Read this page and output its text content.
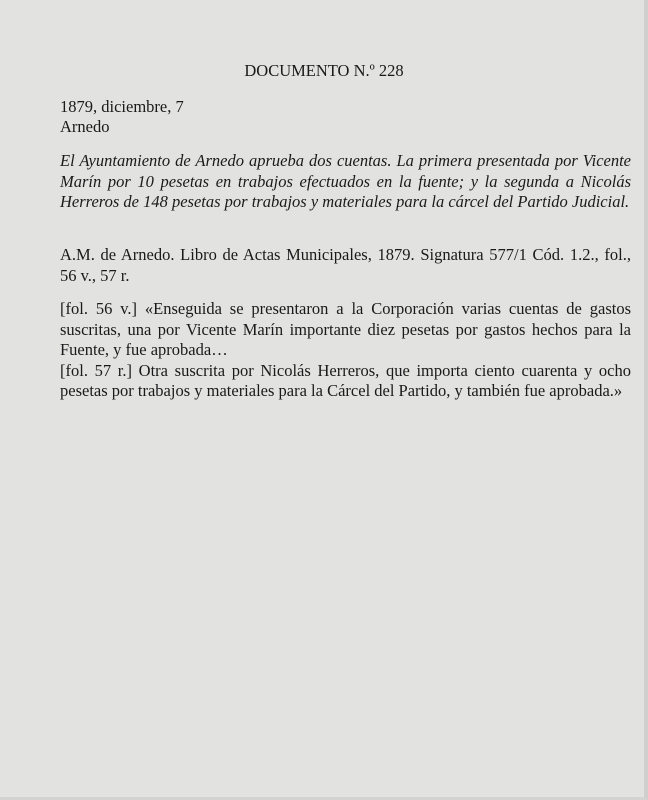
DOCUMENTO N.º 228
1879, diciembre, 7
Arnedo
El Ayuntamiento de Arnedo aprueba dos cuentas. La primera presentada por Vicente Marín por 10 pesetas en trabajos efectuados en la fuente; y la segunda a Nicolás Herreros de 148 pesetas por trabajos y materiales para la cárcel del Partido Judicial.
A.M. de Arnedo. Libro de Actas Municipales, 1879. Signatura 577/1 Cód. 1.2., fol., 56 v., 57 r.

[fol. 56 v.] «Enseguida se presentaron a la Corporación varias cuentas de gastos suscritas, una por Vicente Marín importante diez pesetas por gastos hechos para la Fuente, y fue aprobada…

[fol. 57 r.] Otra suscrita por Nicolás Herreros, que importa ciento cuarenta y ocho pesetas por trabajos y materiales para la Cárcel del Partido, y también fue aprobada.»
